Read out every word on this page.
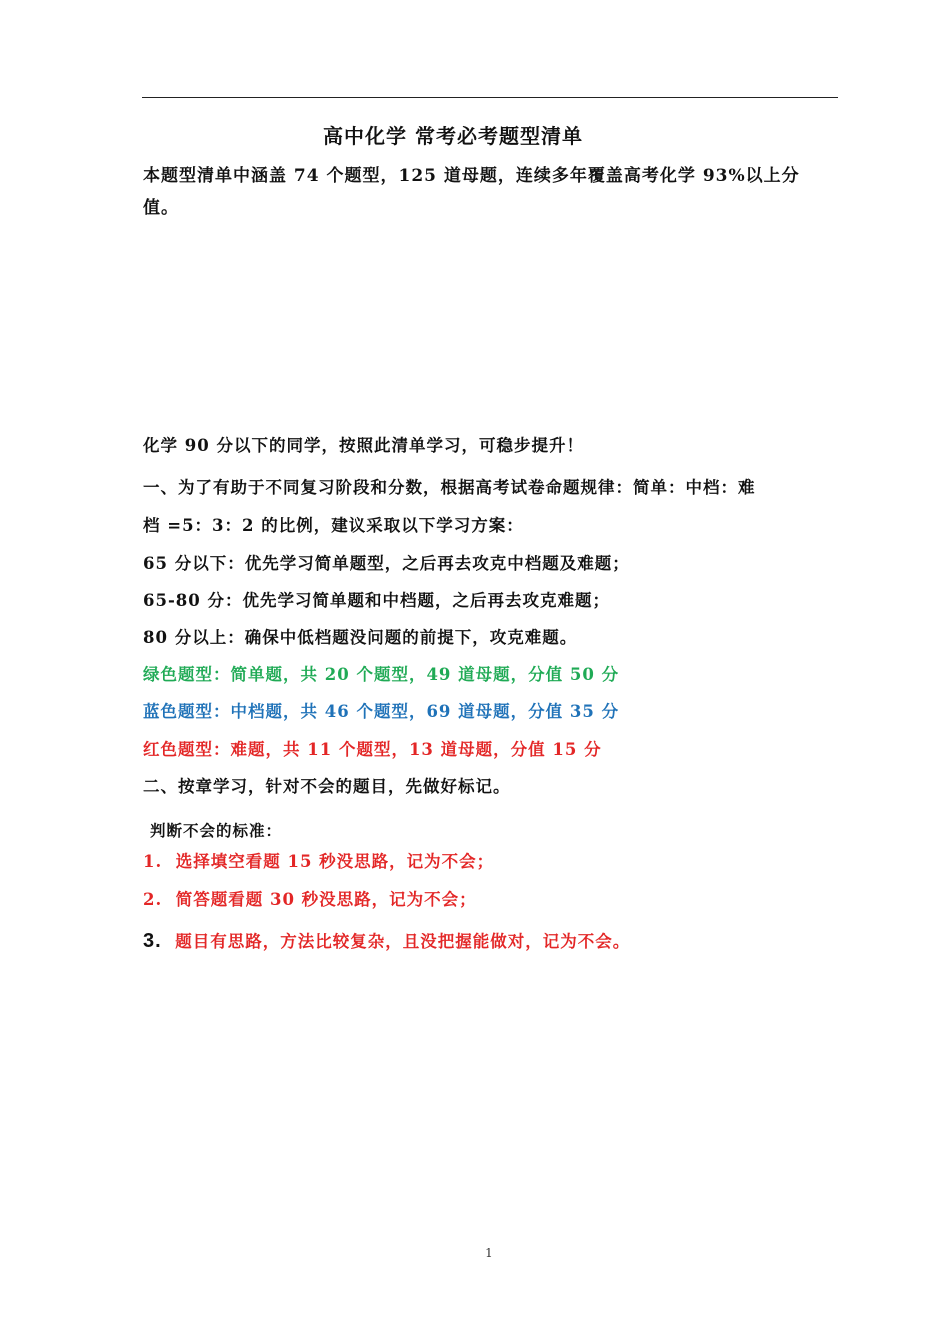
高中化学 常考必考题型清单
本题型清单中涵盖 74 个题型，125 道母题，连续多年覆盖高考化学 93%以上分值。
化学 90 分以下的同学，按照此清单学习，可稳步提升！
一、为了有助于不同复习阶段和分数，根据高考试卷命题规律：简单：中档：难
档 =5：3：2 的比例，建议采取以下学习方案：
65 分以下：优先学习简单题型，之后再去攻克中档题及难题；
65-80 分：优先学习简单题和中档题，之后再去攻克难题；
80 分以上：确保中低档题没问题的前提下，攻克难题。
绿色题型：简单题，共 20 个题型，49 道母题，分值 50 分
蓝色题型：中档题，共 46 个题型，69 道母题，分值 35 分
红色题型：难题，共 11 个题型，13 道母题，分值 15 分
二、按章学习，针对不会的题目，先做好标记。
判断不会的标准：
1. 选择填空看题 15 秒没思路，记为不会；
2. 简答题看题 30 秒没思路，记为不会；
3. 题目有思路，方法比较复杂，且没把握能做对，记为不会。
1
